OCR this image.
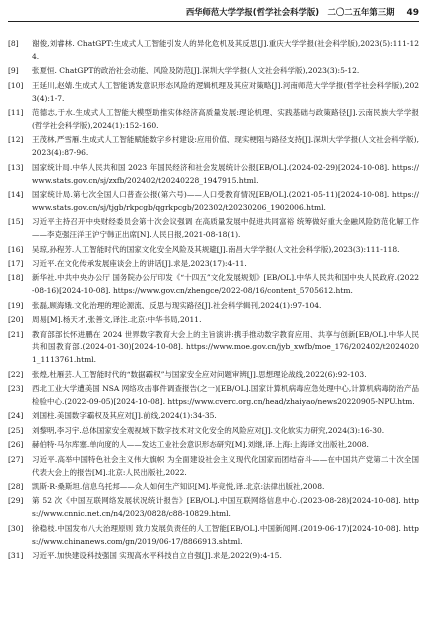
西华师范大学学报(哲学社会科学版)　二〇二五年第三期 49
[8] 谢俊,刘睿林. ChatGPT:生成式人工智能引发人的异化危机及其反思[J].重庆大学学报(社会科学版),2023(5):111-124.
[9] 张夏恒. ChatGPT的政治社会动能、风险及防范[J].深圳大学学报(人文社会科学版),2023(3):5-12.
[10] 王延川,赵婧.生成式人工智能诱发意识形态风险的逻辑机理及其应对策略[J].河南师范大学学报(哲学社会科学版),2023(4):1-7.
[11] 范德志,于水.生成式人工智能大模型助推实体经济高质量发展:理论机理、实践基础与政策路径[J].云南民族大学学报(哲学社会科学版),2024(1):152-160.
[12] 王茂林,严雪雁.生成式人工智能赋能数字乡村建设:应用价值、现实梗阻与路径支持[J].深圳大学学报(人文社会科学版),2023(4):87-96.
[13] 国家统计局.中华人民共和国 2023 年国民经济和社会发展统计公报[EB/OL].(2024-02-29)[2024-10-08]. https://www.stats.gov.cn/sj/zxfb/202402/t20240228_1947915.html.
[14] 国家统计局.第七次全国人口普查公报(第六号)——人口受教育情况[EB/OL].(2021-05-11)[2024-10-08]. https://www.stats.gov.cn/sj/tjgb/rkpcgb/qgrkpcgb/202302/t20230206_1902006.html.
[15] 习近平主持召开中央财经委员会第十次会议强调 在高质量发展中促进共同富裕 统筹做好重大金融风险防范化解工作——李克强汪洋王沪宁韩正出席[N].人民日报,2021-08-18(1).
[16] 吴琼,孙程芳.人工智能时代的国家文化安全风险及其规避[J].南昌大学学报(人文社会科学版),2023(3):111-118.
[17] 习近平.在文化传承发展座谈会上的讲话[J].求是,2023(17):4-11.
[18] 新华社.中共中央办公厅 国务院办公厅印发《“十四五”文化发展规划》[EB/OL].中华人民共和国中央人民政府.(2022-08-16)[2024-10-08]. https://www.gov.cn/zhengce/2022-08/16/content_5705612.htm.
[19] 张磊,顾海娥.文化治理的理论源流、反思与现实路径[J].社会科学辑刊,2024(1):97-104.
[20] 周易[M].杨天才,张善文,译注.北京:中华书局,2011.
[21] 教育部部长怀进鹏在 2024 世界数字教育大会上的主旨演讲:携手推动数字教育应用、共享与创新[EB/OL].中华人民共和国教育部.(2024-01-30)[2024-10-08]. https://www.moe.gov.cn/jyb_xwfb/moe_176/202402/t20240201_1113761.html.
[22] 张煌,杜雁芸.人工智能时代的“数据霸权”与国家安全应对问题审辨[J].思想理论战线,2022(6):92-103.
[23] 西北工业大学遭美国 NSA 网络攻击事件调查报告(之一)[EB/OL].国家计算机病毒应急处理中心,计算机病毒防治产品检验中心.(2022-09-05)[2024-10-08]. https://www.cverc.org.cn/head/zhaiyao/news20220905-NPU.htm.
[24] 刘国柱.美国数字霸权及其应对[J].前线,2024(1):34-35.
[25] 刘黎明,李习宇.总体国家安全观视域下数字技术对文化安全的风险应对[J].文化软实力研究,2024(3):16-30.
[26] 赫伯特·马尔库塞.单向度的人——发达工业社会意识形态研究[M].刘继,译.上海:上海译文出版社,2008.
[27] 习近平.高举中国特色社会主义伟大旗帜 为全面建设社会主义现代化国家而团结奋斗——在中国共产党第二十次全国代表大会上的报告[M].北京:人民出版社,2022.
[28] 凯斯·R·桑斯坦.信息乌托邦——众人如何生产知识[M].毕竞悦,译.北京:法律出版社,2008.
[29] 第 52 次《中国互联网络发展状况统计报告》[EB/OL].中国互联网络信息中心.(2023-08-28)[2024-10-08]. https://www.cnnic.net.cn/n4/2023/0828/c88-10829.html.
[30] 徐稳枝.中国发布八大治理原则 致力发展负责任的人工智能[EB/OL].中国新闻网.(2019-06-17)[2024-10-08]. https://www.chinanews.com/gn/2019/06-17/8866913.shtml.
[31] 习近平.加快建设科技强国 实现高水平科技自立自强[J].求是,2022(9):4-15.
